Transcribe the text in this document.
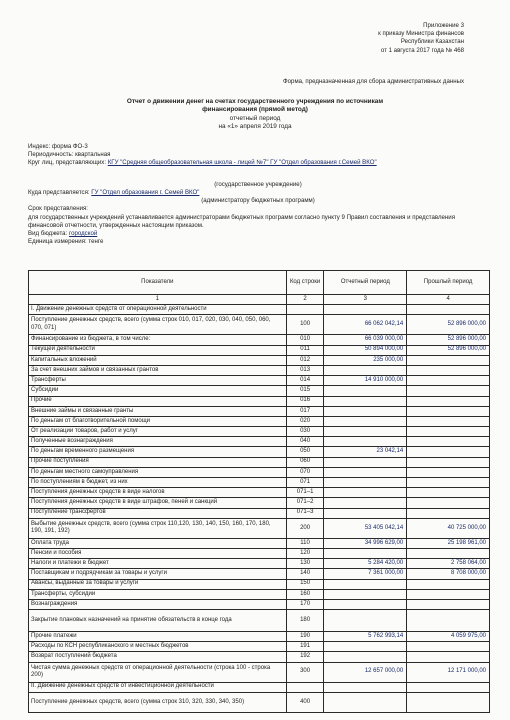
Приложение 3
к приказу Министра финансов
Республики Казахстан
от 1 августа 2017 года № 468
Форма, предназначенная для сбора административных данных
Отчет о движении денег на счетах государственного учреждения по источникам
финансирования (прямой метод)
отчетный период
на «1» апреля 2019 года
Индекс: форма ФО-3
Периодичность: квартальная
Круг лиц, представляющих: КГУ "Средняя общеобразовательная школа - лицей №7" ГУ "Отдел образования г.Семей ВКО"
(государственное учреждение)
Куда представляется: ГУ "Отдел образования г. Семей ВКО"
(администратору бюджетных программ)
Срок представления:
для государственных учреждений устанавливается администраторами бюджетных программ согласно пункту 9 Правил составления и представления финансовой отчетности, утвержденных настоящим приказом.
Вид бюджета: городской
Единица измерения: тенге
Показатели	Код строки	Отчетный период	Прошлый период
1	2	3	4
I. Движение денежных средств от операционной деятельности			
Поступление денежных средств, всего (сумма строк 010, 017, 020, 030, 040, 050, 060, 070, 071)	100	66 062 042,14	52 896 000,00
Финансирование из бюджета, в том числе:	010	66 039 000,00	52 896 000,00
Текущей деятельности	011	50 894 000,00	52 896 000,00
Капитальных вложений	012	235 000,00	
За счет внешних займов и связанных грантов	013		
Трансферты	014	14 910 000,00	
Субсидии	015		
Прочие	016		
Внешние займы и связанные гранты	017		
По деньгам от благотворительной помощи	020		
От реализации товаров, работ и услуг	030		
Полученные вознаграждения	040		
По деньгам временного размещения	050	23 042,14	
Прочие поступления	060		
По деньгам местного самоуправления	070		
По поступлениям в бюджет, из них	071		
Поступления денежных средств в виде налогов	071–1		
Поступления денежных средств в виде штрафов, пеней и санкций	071–2		
Поступление трансфертов	071–3		
Выбытие денежных средств, всего (сумма строк 110,120, 130, 140, 150, 160, 170, 180, 190, 191, 192)	200	53 405 042,14	40 725 000,00
Оплата труда	110	34 996 629,00	25 198 961,00
Пенсии и пособия	120		
Налоги и платежи в бюджет	130	5 284 420,00	2 758 064,00
Поставщикам и подрядчикам за товары и услуги	140	7 361 000,00	8 708 000,00
Авансы, выданные за товары и услуги	150		
Трансферты, субсидии	160		
Вознаграждения	170		
Закрытие плановых назначений на принятие обязательств в конце года	180		
Прочие платежи	190	5 762 993,14	4 059 975,00
Расходы по КСН республиканского и местных бюджетов	191		
Возврат поступлений бюджета	192		
Чистая сумма денежных средств от операционной деятельности (строка 100 - строка 200)	300	12 657 000,00	12 171 000,00
II. Движение денежных средств от инвестиционной деятельности			
Поступление денежных средств, всего (сумма строк 310, 320, 330, 340, 350)	400		
